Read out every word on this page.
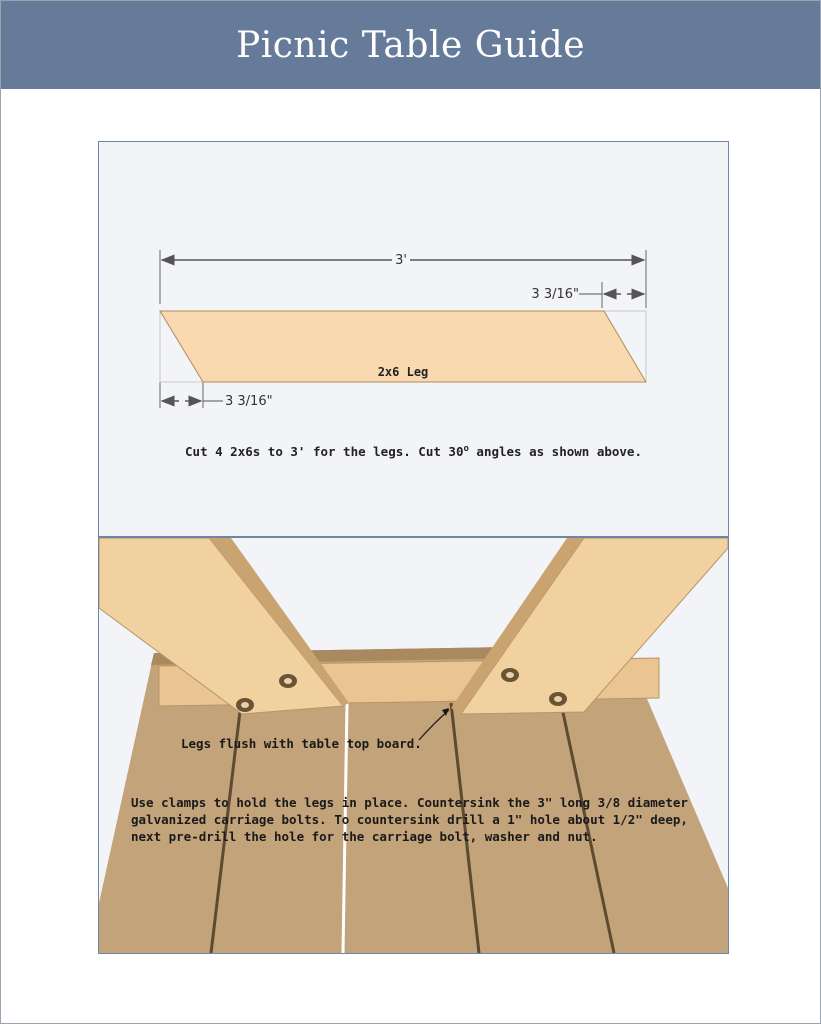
Picnic Table Guide
3'
3 3/16"
2x6 Leg
3 3/16"
Cut 4 2x6s to 3' for the legs. Cut 30$^o$ angles as shown above.
Legs flush with table top board.
Use clamps to hold the legs in place. Countersink the 3" long 3/8 diameter galvanized carriage bolts. To countersink drill a 1" hole about 1/2" deep, next pre-drill the hole for the carriage bolt, washer and nut.
